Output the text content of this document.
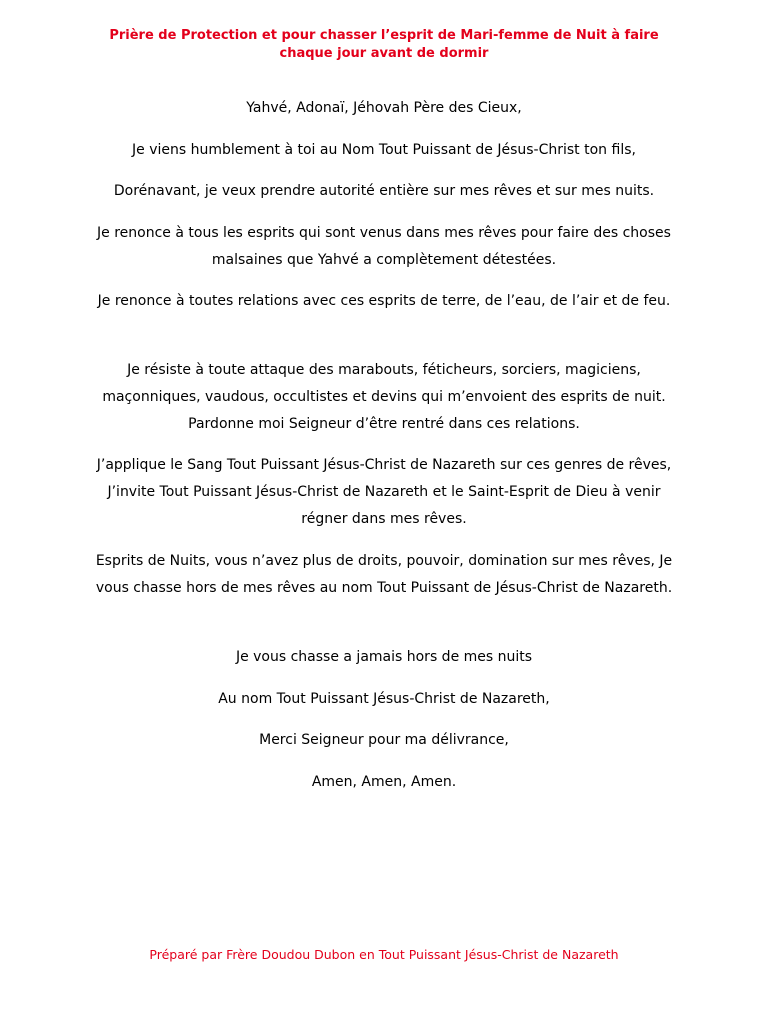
Prière de Protection et pour chasser l’esprit de Mari-femme de Nuit à faire chaque jour avant de dormir

Yahvé, Adonaï, Jéhovah Père des Cieux,

Je viens humblement à toi au Nom Tout Puissant de Jésus-Christ ton fils,

Dorénavant, je veux prendre autorité entière sur mes rêves et sur mes nuits.

Je renonce à tous les esprits qui sont venus dans mes rêves pour faire des choses malsaines que Yahvé a complètement détestées.

Je renonce à toutes relations avec ces esprits de terre, de l’eau, de l’air et de feu.

Je résiste à toute attaque des marabouts, féticheurs, sorciers, magiciens, maçonniques, vaudous, occultistes et devins qui m’envoient des esprits de nuit. Pardonne moi Seigneur d’être rentré dans ces relations.

J’applique le Sang Tout Puissant Jésus-Christ de Nazareth sur ces genres de rêves, J’invite Tout Puissant Jésus-Christ de Nazareth et le Saint-Esprit de Dieu à venir régner dans mes rêves.

Esprits de Nuits, vous n’avez plus de droits, pouvoir, domination sur mes rêves, Je vous chasse hors de mes rêves au nom Tout Puissant de Jésus-Christ de Nazareth.

Je vous chasse a jamais hors de mes nuits

Au nom Tout Puissant Jésus-Christ de Nazareth,

Merci Seigneur pour ma délivrance,

Amen, Amen, Amen.

Préparé par Frère Doudou Dubon en Tout Puissant Jésus-Christ de Nazareth
